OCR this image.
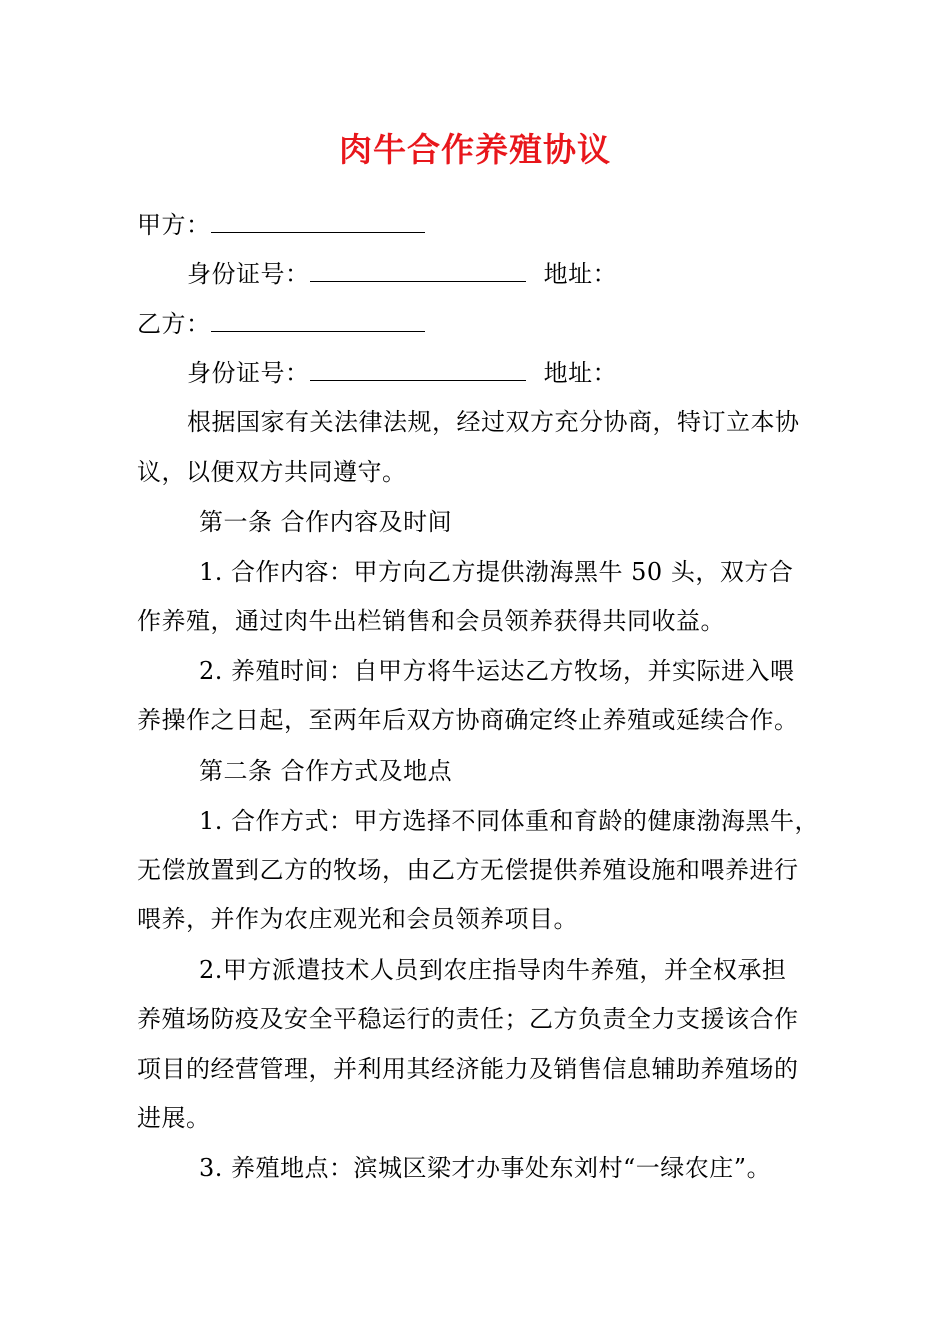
肉牛合作养殖协议
甲方：
身份证号：	地址：
乙方：
身份证号：	地址：
根据国家有关法律法规，经过双方充分协商，特订立本协
议，以便双方共同遵守。
第一条 合作内容及时间
1. 合作内容：甲方向乙方提供渤海黑牛 50 头，双方合
作养殖，通过肉牛出栏销售和会员领养获得共同收益。
2. 养殖时间：自甲方将牛运达乙方牧场，并实际进入喂
养操作之日起，至两年后双方协商确定终止养殖或延续合作。
第二条 合作方式及地点
1. 合作方式：甲方选择不同体重和育龄的健康渤海黑牛，
无偿放置到乙方的牧场，由乙方无偿提供养殖设施和喂养进行
喂养，并作为农庄观光和会员领养项目。
2.甲方派遣技术人员到农庄指导肉牛养殖，并全权承担
养殖场防疫及安全平稳运行的责任；乙方负责全力支援该合作
项目的经营管理，并利用其经济能力及销售信息辅助养殖场的
进展。
3. 养殖地点：滨城区梁才办事处东刘村“一绿农庄”。
